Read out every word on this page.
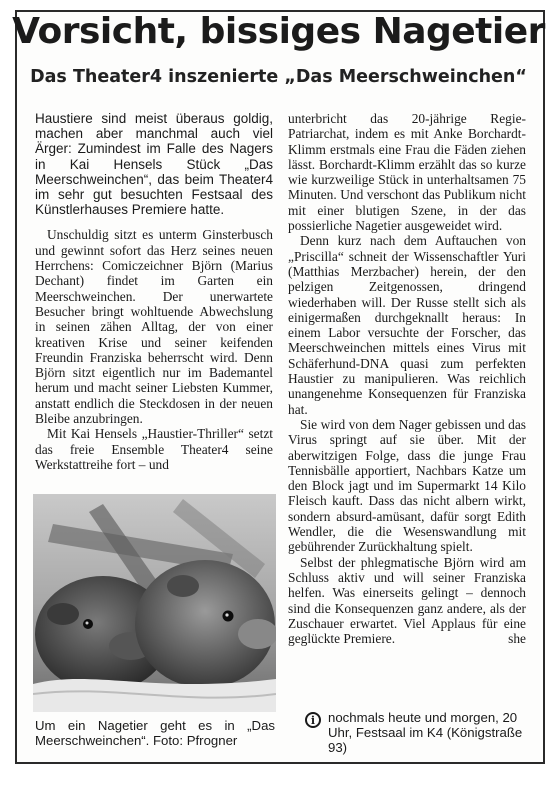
Vorsicht, bissiges Nagetier
Das Theater4 inszenierte „Das Meerschweinchen“

Haustiere sind meist überaus goldig, machen aber manchmal auch viel Ärger: Zumindest im Falle des Nagers in Kai Hensels Stück „Das Meerschweinchen“, das beim Theater4 im sehr gut besuchten Festsaal des Künstlerhauses Premiere hatte.

Unschuldig sitzt es unterm Ginsterbusch und gewinnt sofort das Herz seines neuen Herrchens: Comiczeichner Björn (Marius Dechant) findet im Garten ein Meerschweinchen. Der unerwartete Besucher bringt wohltuende Abwechslung in seinen zähen Alltag, der von einer kreativen Krise und seiner keifenden Freundin Franziska beherrscht wird. Denn Björn sitzt eigentlich nur im Bademantel herum und macht seiner Liebsten Kummer, anstatt endlich die Steckdosen in der neuen Bleibe anzubringen.

Mit Kai Hensels „Haustier-Thriller“ setzt das freie Ensemble Theater4 seine Werkstattreihe fort – und

Um ein Nagetier geht es in „Das Meerschweinchen“. Foto: Pfrogner

unterbricht das 20-jährige Regie-Patriarchat, indem es mit Anke Borchardt-Klimm erstmals eine Frau die Fäden ziehen lässt. Borchardt-Klimm erzählt das so kurze wie kurzweilige Stück in unterhaltsamen 75 Minuten. Und verschont das Publikum nicht mit einer blutigen Szene, in der das possierliche Nagetier ausgeweidet wird.

Denn kurz nach dem Auftauchen von „Priscilla“ schneit der Wissenschaftler Yuri (Matthias Merzbacher) herein, der den pelzigen Zeitgenossen, dringend wiederhaben will. Der Russe stellt sich als einigermaßen durchgeknallt heraus: In einem Labor versuchte der Forscher, das Meerschweinchen mittels eines Virus mit Schäferhund-DNA quasi zum perfekten Haustier zu manipulieren. Was reichlich unangenehme Konsequenzen für Franziska hat.

Sie wird von dem Nager gebissen und das Virus springt auf sie über. Mit der aberwitzigen Folge, dass die junge Frau Tennisbälle apportiert, Nachbars Katze um den Block jagt und im Supermarkt 14 Kilo Fleisch kauft. Dass das nicht albern wirkt, sondern absurd-amüsant, dafür sorgt Edith Wendler, die die Wesenswandlung mit gebührender Zurückhaltung spielt.

Selbst der phlegmatische Björn wird am Schluss aktiv und will seiner Franziska helfen. Was einerseits gelingt – dennoch sind die Konsequenzen ganz andere, als der Zuschauer erwartet. Viel Applaus für eine geglückte Premiere.	she

i nochmals heute und morgen, 20 Uhr, Festsaal im K4 (Königstraße 93)
